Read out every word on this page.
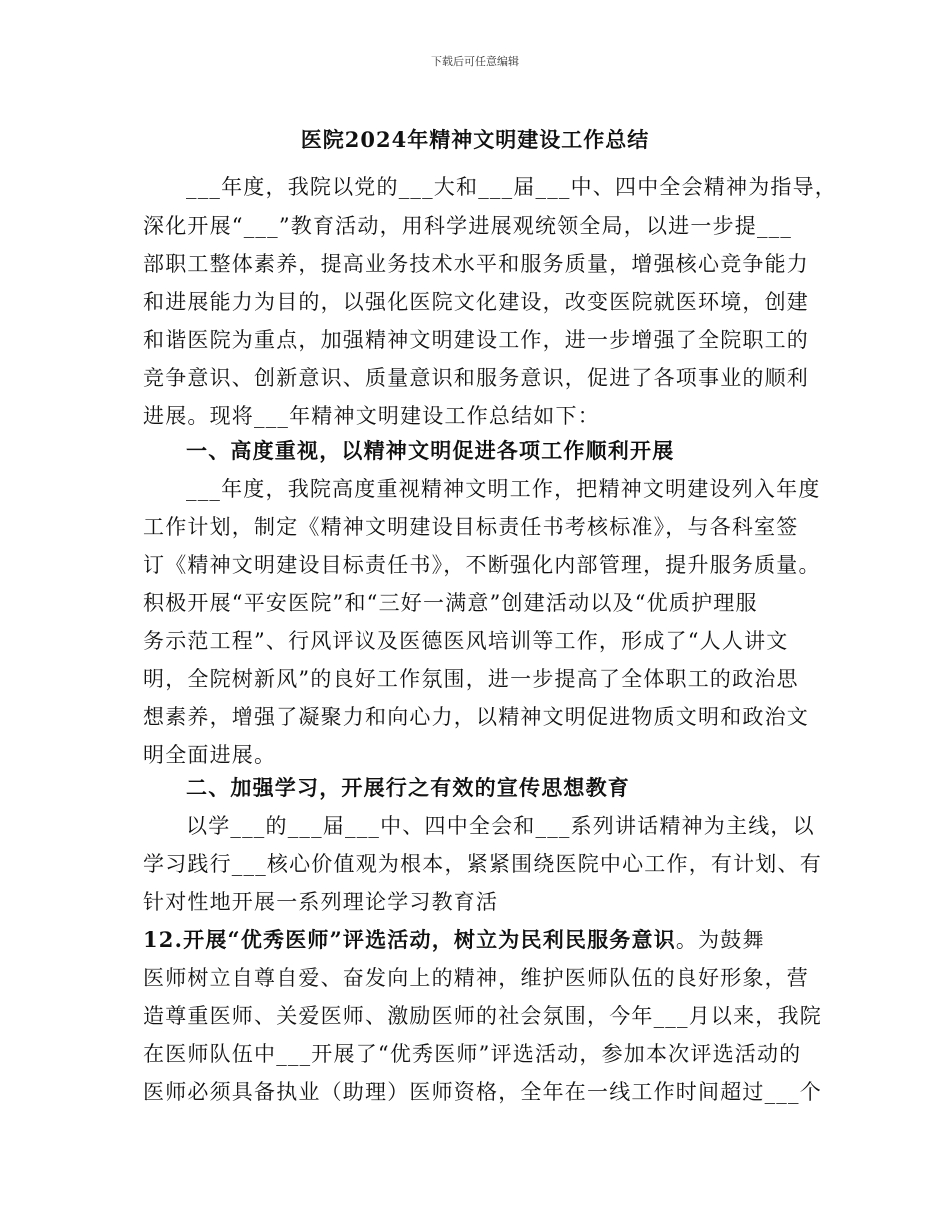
下载后可任意编辑
医院2024年精神文明建设工作总结
___年度，我院以党的___大和___届___中、四中全会精神为指导，
深化开展“___”教育活动，用科学进展观统领全局，以进一步提___
部职工整体素养，提高业务技术水平和服务质量，增强核心竞争能力
和进展能力为目的，以强化医院文化建设，改变医院就医环境，创建
和谐医院为重点，加强精神文明建设工作，进一步增强了全院职工的
竞争意识、创新意识、质量意识和服务意识，促进了各项事业的顺利
进展。现将___年精神文明建设工作总结如下：
一、高度重视，以精神文明促进各项工作顺利开展
___年度，我院高度重视精神文明工作，把精神文明建设列入年度
工作计划，制定《精神文明建设目标责任书考核标准》，与各科室签
订《精神文明建设目标责任书》，不断强化内部管理，提升服务质量。
积极开展“平安医院”和“三好一满意”创建活动以及“优质护理服
务示范工程”、行风评议及医德医风培训等工作，形成了“人人讲文
明，全院树新风”的良好工作氛围，进一步提高了全体职工的政治思
想素养，增强了凝聚力和向心力，以精神文明促进物质文明和政治文
明全面进展。
二、加强学习，开展行之有效的宣传思想教育
以学___的___届___中、四中全会和___系列讲话精神为主线，以
学习践行___核心价值观为根本，紧紧围绕医院中心工作，有计划、有
针对性地开展一系列理论学习教育活
12.开展“优秀医师”评选活动，树立为民利民服务意识。为鼓舞
医师树立自尊自爱、奋发向上的精神，维护医师队伍的良好形象，营
造尊重医师、关爱医师、激励医师的社会氛围，今年___月以来，我院
在医师队伍中___开展了“优秀医师”评选活动，参加本次评选活动的
医师必须具备执业（助理）医师资格，全年在一线工作时间超过___个
